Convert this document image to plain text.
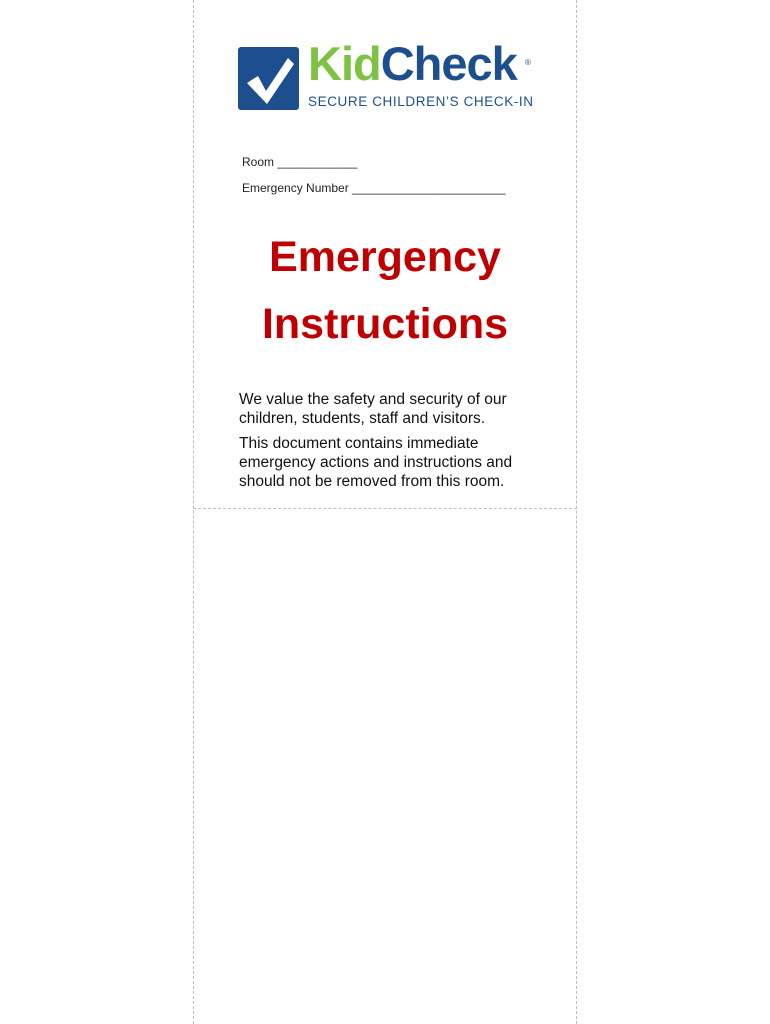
KidCheck ®
SECURE CHILDREN’S CHECK-IN
Room ____________
Emergency Number _______________________
Emergency
Instructions
We value the safety and security of our children, students, staff and visitors.
This document contains immediate emergency actions and instructions and should not be removed from this room.
